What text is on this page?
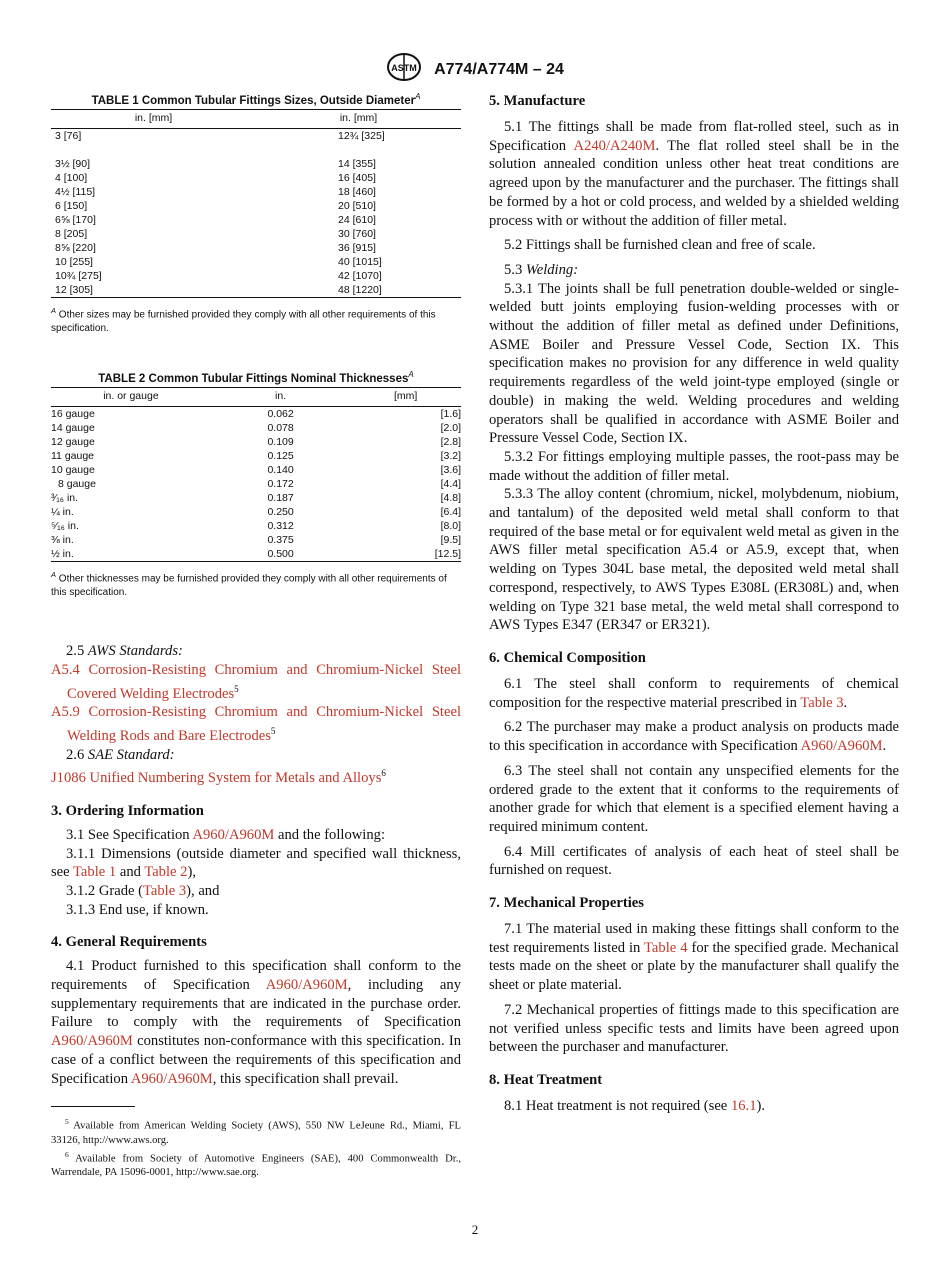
ASTM A774/A774M – 24
TABLE 1 Common Tubular Fittings Sizes, Outside Diameter$^A$
in. [mm]	in. [mm]
3 [76]	12¾ [325]
3½ [90]	14 [355]
4 [100]	16 [405]
4½ [115]	18 [460]
6 [150]	20 [510]
6⅝ [170]	24 [610]
8 [205]	30 [760]
8⅝ [220]	36 [915]
10 [255]	40 [1015]
10¾ [275]	42 [1070]
12 [305]	48 [1220]
$^A$ Other sizes may be furnished provided they comply with all other requirements of this specification.
TABLE 2 Common Tubular Fittings Nominal Thicknesses$^A$
in. or gauge	in.	[mm]
16 gauge	0.062	[1.6]
14 gauge	0.078	[2.0]
12 gauge	0.109	[2.8]
11 gauge	0.125	[3.2]
10 gauge	0.140	[3.6]
8 gauge	0.172	[4.4]
³⁄₁₆ in.	0.187	[4.8]
¼ in.	0.250	[6.4]
⁵⁄₁₆ in.	0.312	[8.0]
⅜ in.	0.375	[9.5]
½ in.	0.500	[12.5]
$^A$ Other thicknesses may be furnished provided they comply with all other requirements of this specification.

2.5 AWS Standards:

A5.4 Corrosion-Resisting Chromium and Chromium-Nickel Steel Covered Welding Electrodes$^5$

A5.9 Corrosion-Resisting Chromium and Chromium-Nickel Steel Welding Rods and Bare Electrodes$^5$

2.6 SAE Standard:

J1086 Unified Numbering System for Metals and Alloys$^6$

3. Ordering Information

3.1 See Specification A960/A960M and the following:

3.1.1 Dimensions (outside diameter and specified wall thickness, see Table 1 and Table 2),

3.1.2 Grade (Table 3), and

3.1.3 End use, if known.

4. General Requirements

4.1 Product furnished to this specification shall conform to the requirements of Specification A960/A960M, including any supplementary requirements that are indicated in the purchase order. Failure to comply with the requirements of Specification A960/A960M constitutes non-conformance with this specification. In case of a conflict between the requirements of this specification and Specification A960/A960M, this specification shall prevail.

$^5$ Available from American Welding Society (AWS), 550 NW LeJeune Rd., Miami, FL 33126, http://www.aws.org.

$^6$ Available from Society of Automotive Engineers (SAE), 400 Commonwealth Dr., Warrendale, PA 15096-0001, http://www.sae.org.

5. Manufacture

5.1 The fittings shall be made from flat-rolled steel, such as in Specification A240/A240M. The flat rolled steel shall be in the solution annealed condition unless other heat treat conditions are agreed upon by the manufacturer and the purchaser. The fittings shall be formed by a hot or cold process, and welded by a shielded welding process with or without the addition of filler metal.

5.2 Fittings shall be furnished clean and free of scale.

5.3 Welding:

5.3.1 The joints shall be full penetration double-welded or single-welded butt joints employing fusion-welding processes with or without the addition of filler metal as defined under Definitions, ASME Boiler and Pressure Vessel Code, Section IX. This specification makes no provision for any difference in weld quality requirements regardless of the weld joint-type employed (single or double) in making the weld. Welding procedures and welding operators shall be qualified in accordance with ASME Boiler and Pressure Vessel Code, Section IX.

5.3.2 For fittings employing multiple passes, the root-pass may be made without the addition of filler metal.

5.3.3 The alloy content (chromium, nickel, molybdenum, niobium, and tantalum) of the deposited weld metal shall conform to that required of the base metal or for equivalent weld metal as given in the AWS filler metal specification A5.4 or A5.9, except that, when welding on Types 304L base metal, the deposited weld metal shall correspond, respectively, to AWS Types E308L (ER308L) and, when welding on Type 321 base metal, the weld metal shall correspond to AWS Types E347 (ER347 or ER321).

6. Chemical Composition

6.1 The steel shall conform to requirements of chemical composition for the respective material prescribed in Table 3.

6.2 The purchaser may make a product analysis on products made to this specification in accordance with Specification A960/A960M.

6.3 The steel shall not contain any unspecified elements for the ordered grade to the extent that it conforms to the requirements of another grade for which that element is a specified element having a required minimum content.

6.4 Mill certificates of analysis of each heat of steel shall be furnished on request.

7. Mechanical Properties

7.1 The material used in making these fittings shall conform to the test requirements listed in Table 4 for the specified grade. Mechanical tests made on the sheet or plate by the manufacturer shall qualify the sheet or plate material.

7.2 Mechanical properties of fittings made to this specification are not verified unless specific tests and limits have been agreed upon between the purchaser and manufacturer.

8. Heat Treatment

8.1 Heat treatment is not required (see 16.1).

2
